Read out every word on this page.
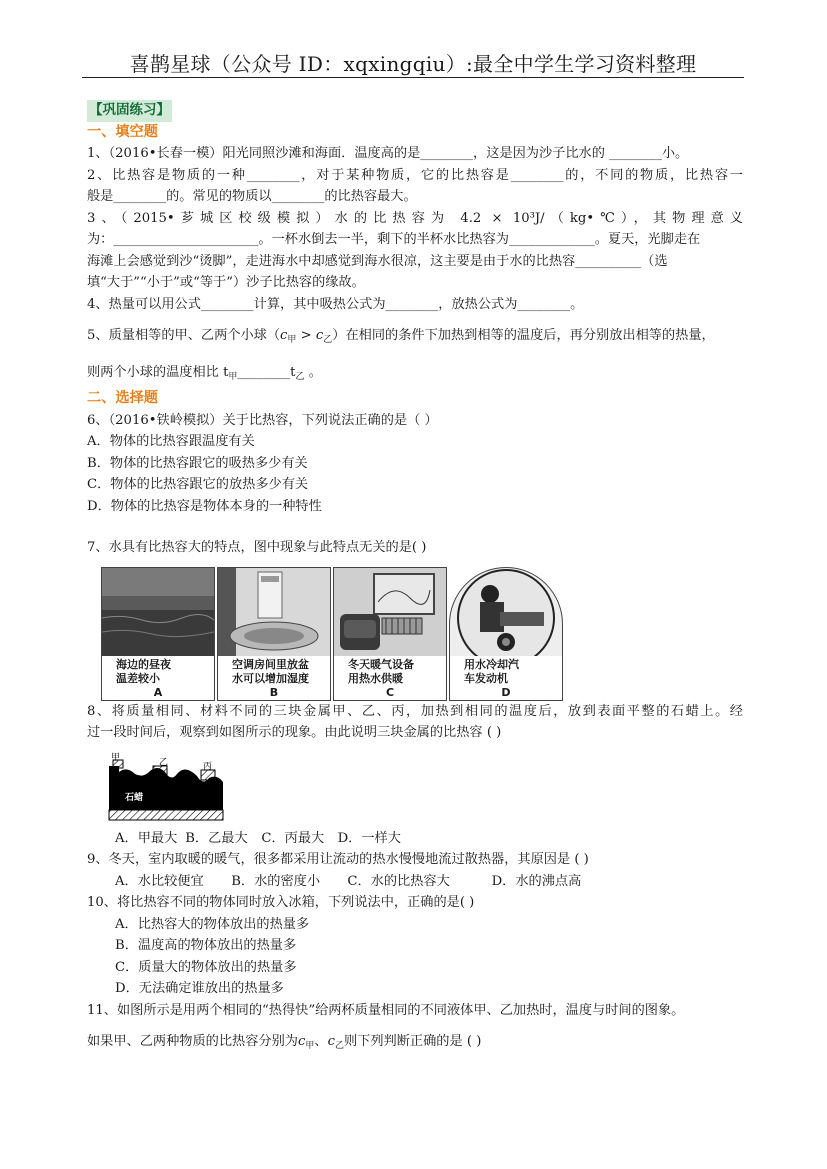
喜鹊星球（公众号 ID：xqxingqiu）:最全中学生学习资料整理
【巩固练习】
一、填空题
1、（2016•长春一模）阳光同照沙滩和海面．温度高的是________，这是因为沙子比水的 ________小。
2、比热容是物质的一种________，对于某种物质，它的比热容是________的，不同的物质，比热容一
般是________的。常见的物质以________的比热容最大。
3、（2015•芗城区校级模拟）水的比热容为 4.2 × 10³J/（kg•℃），其物理意义
为：______________________。一杯水倒去一半，剩下的半杯水比热容为_____________。夏天，光脚走在
海滩上会感觉到沙“烫脚”，走进海水中却感觉到海水很凉，这主要是由于水的比热容__________（选
填“大于”“小于”或“等于”）沙子比热容的缘故。
4、热量可以用公式________计算，其中吸热公式为________，放热公式为________。
5、质量相等的甲、乙两个小球$(c_甲 > c_乙)$在相同的条件下加热到相等的温度后，再分别放出相等的热量，
则两个小球的温度相比 $t_甲\_\_\_\_\_\_\_\_t_乙$ 。
二、选择题
6、（2016•铁岭模拟）关于比热容，下列说法正确的是（ ）
A．物体的比热容跟温度有关
B．物体的比热容跟它的吸热多少有关
C．物体的比热容跟它的放热多少有关
D．物体的比热容是物体本身的一种特性
7、水具有比热容大的特点，图中现象与此特点无关的是( )
海边的昼夜
温差较小
A
空调房间里放盆
水可以增加湿度
B
冬天暖气设备
用热水供暖
C
用水冷却汽
车发动机
D
8、将质量相同、材料不同的三块金属甲、乙、丙，加热到相同的温度后，放到表面平整的石蜡上。经
过一段时间后，观察到如图所示的现象。由此说明三块金属的比热容 ( )
甲	乙	丙
石蜡
A．甲最大 B．乙最大 C．丙最大 D．一样大
9、冬天，室内取暖的暖气，很多都采用让流动的热水慢慢地流过散热器，其原因是 ( )
A．水比较便宜 B．水的密度小 C．水的比热容大	D．水的沸点高
10、将比热容不同的物体同时放入冰箱，下列说法中，正确的是( )
A．比热容大的物体放出的热量多
B．温度高的物体放出的热量多
C．质量大的物体放出的热量多
D．无法确定谁放出的热量多
11、如图所示是用两个相同的“热得快”给两杯质量相同的不同液体甲、乙加热时，温度与时间的图象。
如果甲、乙两种物质的比热容分别为$c_甲$、$c_乙$则下列判断正确的是 ( )
